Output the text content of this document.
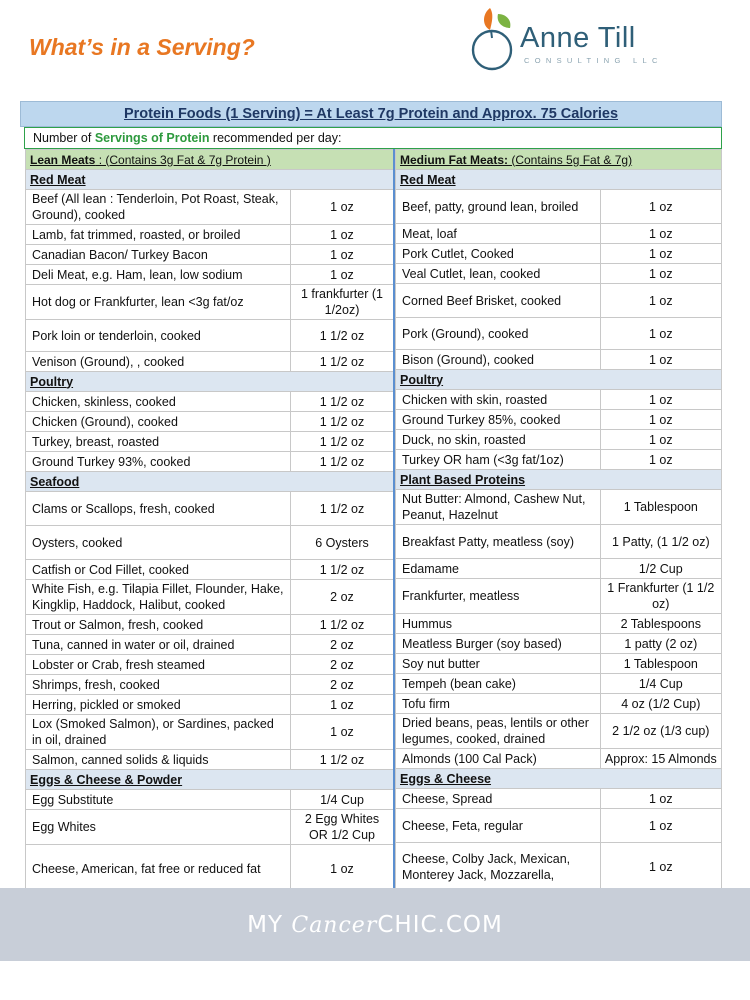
What’s in a Serving?	Anne Till
CONSULTING LLC
Protein Foods (1 Serving) = At Least 7g Protein and Approx. 75 Calories
Number of Servings of Protein recommended per day:
Lean Meats : (Contains 3g Fat & 7g Protein )	
Red Meat	
Beef (All lean : Tenderloin, Pot Roast, Steak, Ground), cooked	1 oz
Lamb, fat trimmed, roasted, or broiled	1 oz
Canadian Bacon/ Turkey Bacon	1 oz
Deli Meat, e.g. Ham, lean, low sodium	1 oz
Hot dog or Frankfurter, lean <3g fat/oz	1 frankfurter (1 1/2oz)
Pork loin or tenderloin, cooked	1 1/2 oz
Venison (Ground), , cooked	1 1/2 oz
Poultry	
Chicken, skinless, cooked	1 1/2 oz
Chicken (Ground), cooked	1 1/2 oz
Turkey, breast, roasted	1 1/2 oz
Ground Turkey 93%, cooked	1 1/2 oz
Seafood	
Clams or Scallops, fresh, cooked	1 1/2 oz
Oysters, cooked	6 Oysters
Catfish or Cod Fillet, cooked	1 1/2 oz
White Fish, e.g. Tilapia Fillet, Flounder, Hake, Kingklip, Haddock, Halibut, cooked	2 oz
Trout or Salmon, fresh, cooked	1 1/2 oz
Tuna, canned in water or oil, drained	2 oz
Lobster or Crab, fresh steamed	2 oz
Shrimps, fresh, cooked	2 oz
Herring, pickled or smoked	1 oz
Lox (Smoked Salmon), or Sardines, packed in oil, drained	1 oz
Salmon, canned solids & liquids	1 1/2 oz
Eggs & Cheese & Powder	
Egg Substitute	1/4 Cup
Egg Whites	2 Egg Whites OR 1/2 Cup
Cheese, American, fat free or reduced fat	1 oz
Medium Fat Meats: (Contains 5g Fat & 7g)	
Red Meat	
Beef, patty, ground lean, broiled	1 oz
Meat, loaf	1 oz
Pork Cutlet, Cooked	1 oz
Veal Cutlet, lean, cooked	1 oz
Corned Beef Brisket, cooked	1 oz
Pork (Ground), cooked	1 oz
Bison (Ground), cooked	1 oz
Poultry	
Chicken with skin, roasted	1 oz
Ground Turkey 85%, cooked	1 oz
Duck, no skin, roasted	1 oz
Turkey OR ham (<3g fat/1oz)	1 oz
Plant Based Proteins	
Nut Butter: Almond, Cashew Nut, Peanut, Hazelnut	1 Tablespoon
Breakfast Patty, meatless (soy)	1 Patty, (1 1/2 oz)
Edamame	1/2 Cup
Frankfurter, meatless	1 Frankfurter (1 1/2 oz)
Hummus	2 Tablespoons
Meatless Burger (soy based)	1 patty (2 oz)
Soy nut butter	1 Tablespoon
Tempeh (bean cake)	1/4 Cup
Tofu firm	4 oz (1/2 Cup)
Dried beans, peas, lentils or other legumes, cooked, drained	2 1/2 oz (1/3 cup)
Almonds (100 Cal Pack)	Approx: 15 Almonds
Eggs & Cheese	
Cheese, Spread	1 oz
Cheese, Feta, regular	1 oz
Cheese, Colby Jack, Mexican, Monterey Jack, Mozzarella,	1 oz
MY CancerCHIC.COM
